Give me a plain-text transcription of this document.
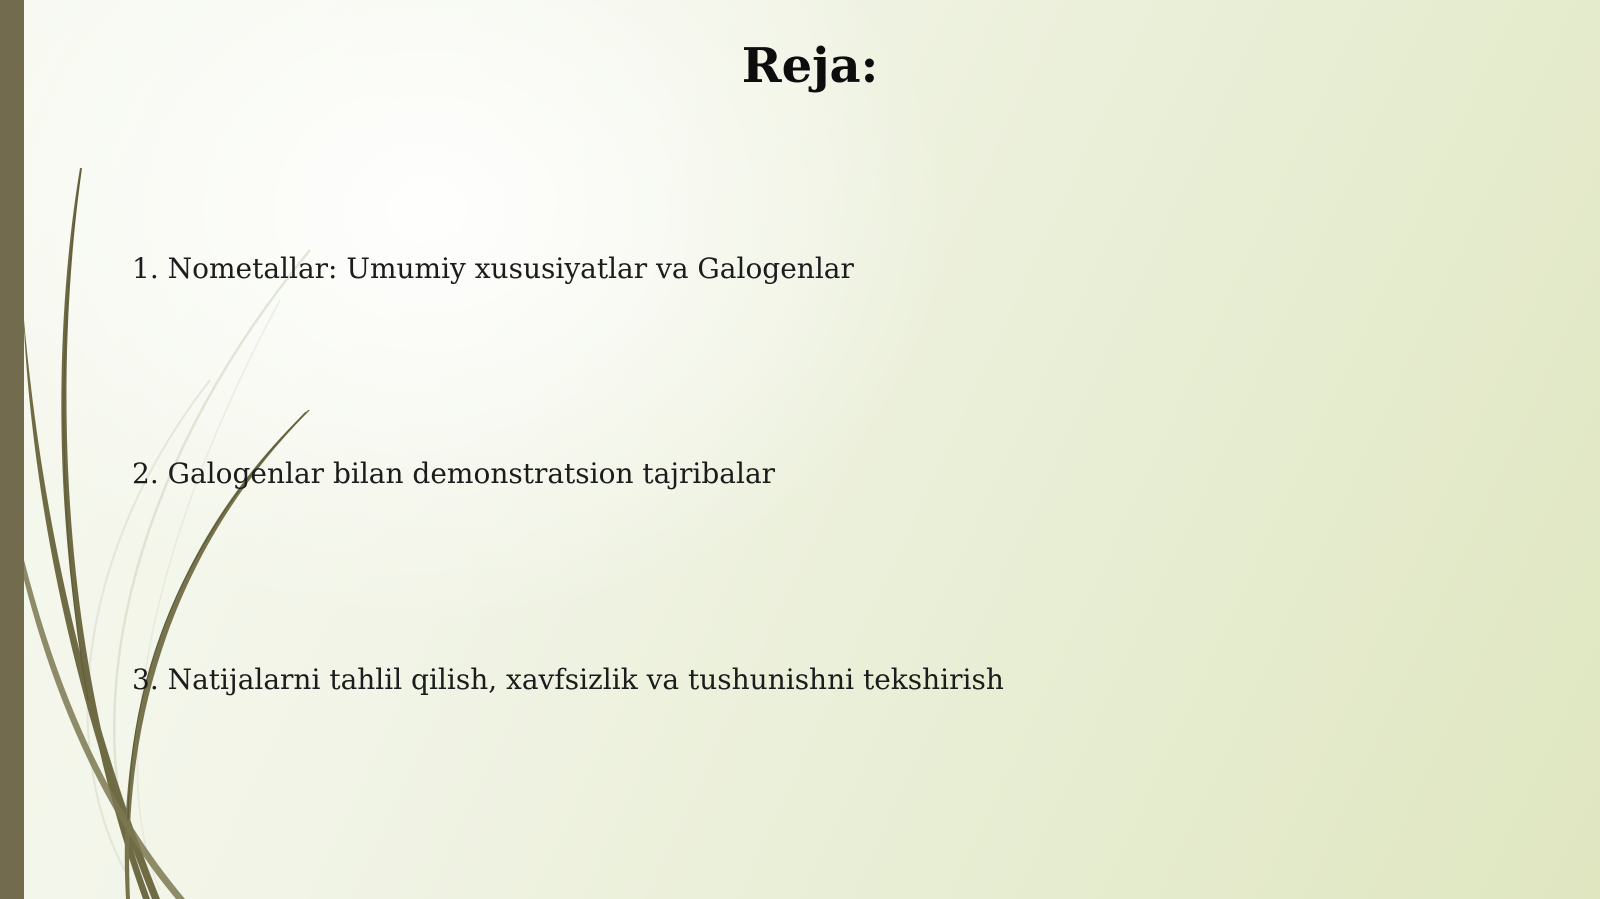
Reja:
1. Nometallar: Umumiy xususiyatlar va Galogenlar
2. Galogenlar bilan demonstratsion tajribalar
3. Natijalarni tahlil qilish, xavfsizlik va tushunishni tekshirish
